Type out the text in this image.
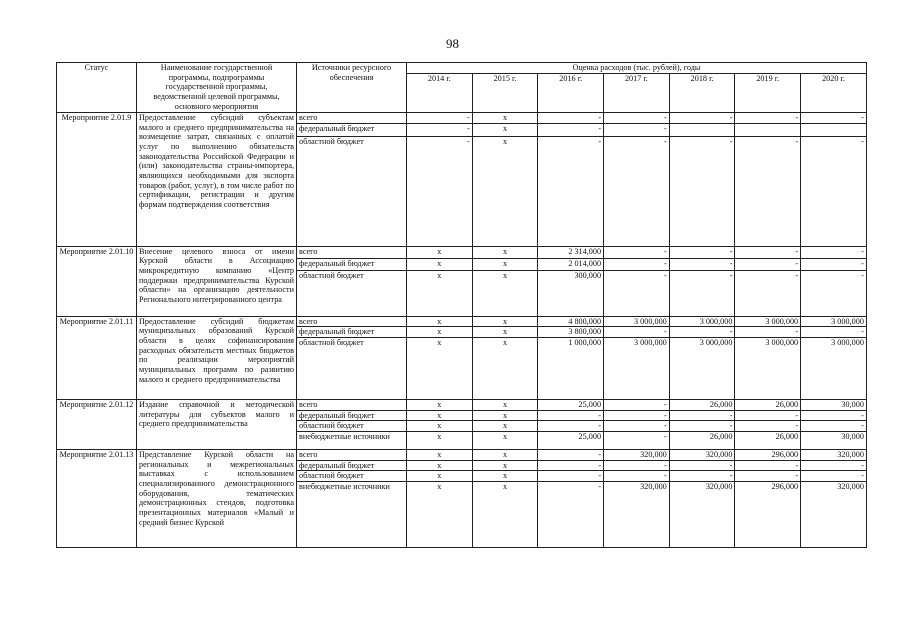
98
Статус	Наименование государственной программы, подпрограммы государственной программы, ведомственной целевой программы, основного мероприятия	Источники ресурсного обеспечения	Оценка расходов (тыс. рублей), годы						
			2014 г.	2015 г.	2016 г.	2017 г.	2018 г.	2019 г.	2020 г.
Мероприятие 2.01.9	Предоставление субсидий субъектам малого и среднего предпринимательства на возмещение затрат, связанных с оплатой услуг по выполнению обязательств законодательства Российской Федерации и (или) законодательства страны-импортера, являющихся необходимыми для экспорта товаров (работ, услуг), в том числе работ по сертификации, регистрации и другим формам подтверждения соответствия	всего	-	х	-	-	-	-	-
		федеральный бюджет	-	х	-	-			
		областной бюджет	-	х	-	-	-	-	-
Мероприятие 2.01.10	Внесение целевого взноса от имени Курской области в Ассоциацию микрокредитную компанию «Центр поддержки предпринимательства Курской области» на организацию деятельности Регионального интегрированного центра	всего	х	х	2 314,000	-	-	-	-
		федеральный бюджет	х	х	2 014,000	-	-	-	-
		областной бюджет	х	х	300,000	-	-	-	-
Мероприятие 2.01.11	Предоставление субсидий бюджетам муниципальных образований Курской области в целях софинансирования расходных обязательств местных бюджетов по реализации мероприятий муниципальных программ по развитию малого и среднего предпринимательства	всего	х	х	4 800,000	3 000,000	3 000,000	3 000,000	3 000,000
		федеральный бюджет	х	х	3 800,000	-	-	-	-
		областной бюджет	х	х	1 000,000	3 000,000	3 000,000	3 000,000	3 000,000
Мероприятие 2.01.12	Издание справочной и методической литературы для субъектов малого и среднего предпринимательства	всего	х	х	25,000	-	26,000	26,000	30,000
		федеральный бюджет	х	х	-	-	-	-	-
		областной бюджет	х	х	-	-	-	-	-
		внебюджетные источники	х	х	25,000	-	26,000	26,000	30,000
Мероприятие 2.01.13	Представление Курской области на региональных и межрегиональных выставках с использованием специализированного демонстрационного оборудования, тематических демонстрационных стендов, подготовка презентационных материалов «Малый и средний бизнес Курской	всего	х	х	-	320,000	320,000	296,000	320,000
		федеральный бюджет	х	х	-	-	-	-	-
		областной бюджет	х	х	-	-	-	-	-
		внебюджетные источники	х	х	-	320,000	320,000	296,000	320,000
